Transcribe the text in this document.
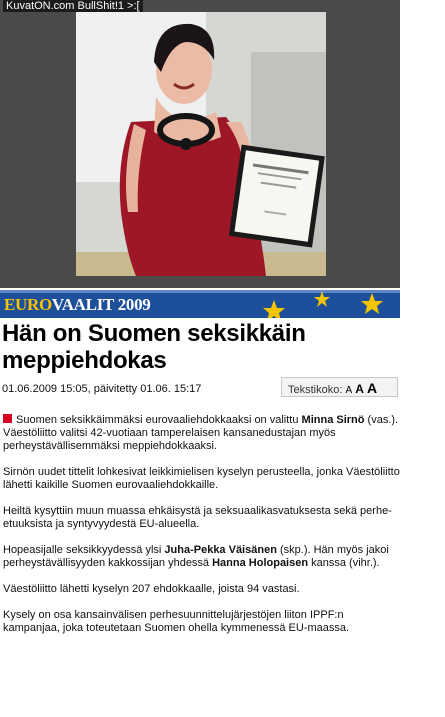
KuvatON.com BullShit!1 >:[
EUROVAALIT 2009
Hän on Suomen seksikkäin
meppiehdokas
01.06.2009 15:05, päivitetty 01.06. 15:17	Tekstikoko: A A A

Suomen seksikkäimmäksi eurovaaliehdokkaaksi on valittu Minna Sirnö (vas.). Väestöliitto valitsi 42-vuotiaan tamperelaisen kansanedustajan myös perheystävällisemmäksi meppiehdokkaaksi.

Sirnön uudet tittelit lohkesivat leikkimielisen kyselyn perusteella, jonka Väestöliitto lähetti kaikille Suomen eurovaaliehdokkaille.

Heiltä kysyttiin muun muassa ehkäisystä ja seksuaalikasvatuksesta sekä perhe-etuuksista ja syntyvyydestä EU-alueella.

Hopeasijalle seksikkyydessä ylsi Juha-Pekka Väisänen (skp.). Hän myös jakoi perheystävällisyyden kakkossijan yhdessä Hanna Holopaisen kanssa (vihr.).

Väestöliitto lähetti kyselyn 207 ehdokkaalle, joista 94 vastasi.

Kysely on osa kansainvälisen perhesuunnittelujärjestöjen liiton IPPF:n kampanjaa, joka toteutetaan Suomen ohella kymmenessä EU-maassa.
